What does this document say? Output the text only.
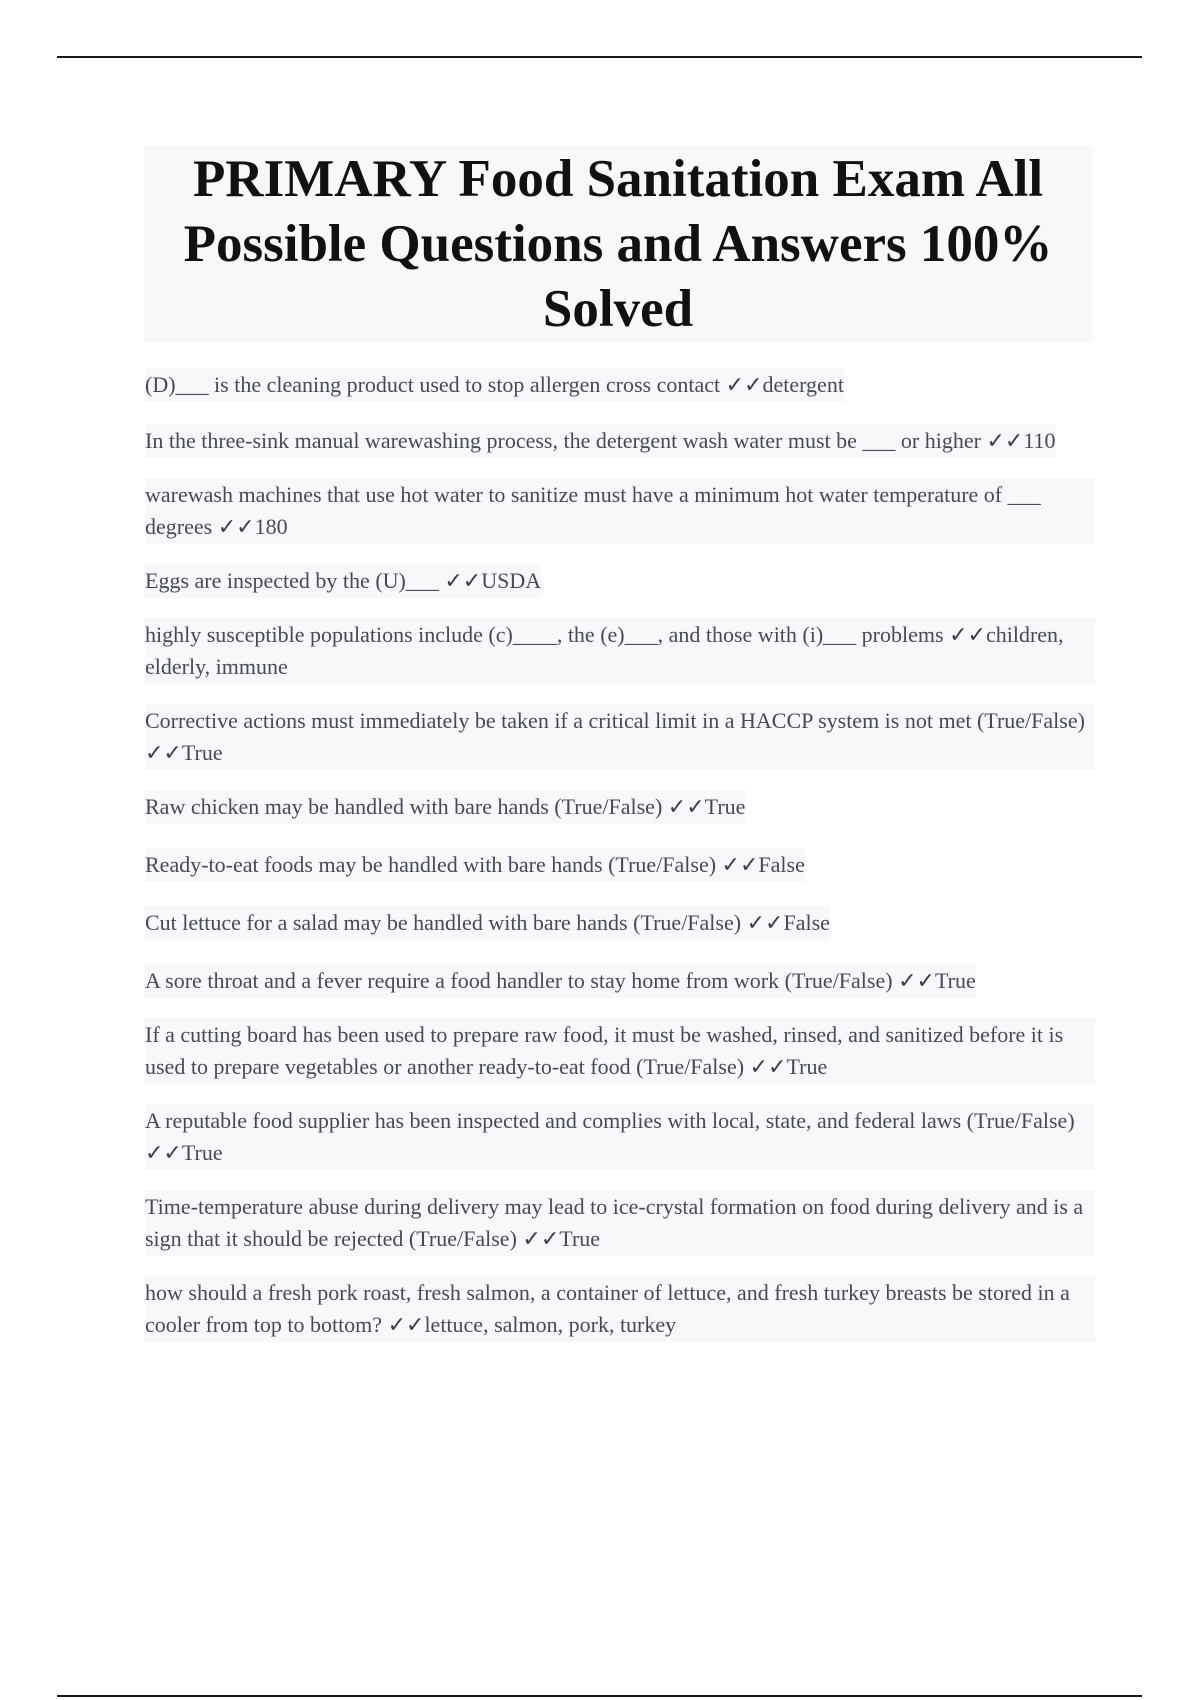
PRIMARY Food Sanitation Exam All Possible Questions and Answers 100% Solved

(D)___ is the cleaning product used to stop allergen cross contact ✓✓detergent

In the three-sink manual warewashing process, the detergent wash water must be ___ or higher ✓✓110

warewash machines that use hot water to sanitize must have a minimum hot water temperature of ___ degrees ✓✓180

Eggs are inspected by the (U)___ ✓✓USDA

highly susceptible populations include (c)____, the (e)___, and those with (i)___ problems ✓✓children, elderly, immune

Corrective actions must immediately be taken if a critical limit in a HACCP system is not met (True/False) ✓✓True

Raw chicken may be handled with bare hands (True/False) ✓✓True

Ready-to-eat foods may be handled with bare hands (True/False) ✓✓False

Cut lettuce for a salad may be handled with bare hands (True/False) ✓✓False

A sore throat and a fever require a food handler to stay home from work (True/False) ✓✓True

If a cutting board has been used to prepare raw food, it must be washed, rinsed, and sanitized before it is used to prepare vegetables or another ready-to-eat food (True/False) ✓✓True

A reputable food supplier has been inspected and complies with local, state, and federal laws (True/False) ✓✓True

Time-temperature abuse during delivery may lead to ice-crystal formation on food during delivery and is a sign that it should be rejected (True/False) ✓✓True

how should a fresh pork roast, fresh salmon, a container of lettuce, and fresh turkey breasts be stored in a cooler from top to bottom? ✓✓lettuce, salmon, pork, turkey
